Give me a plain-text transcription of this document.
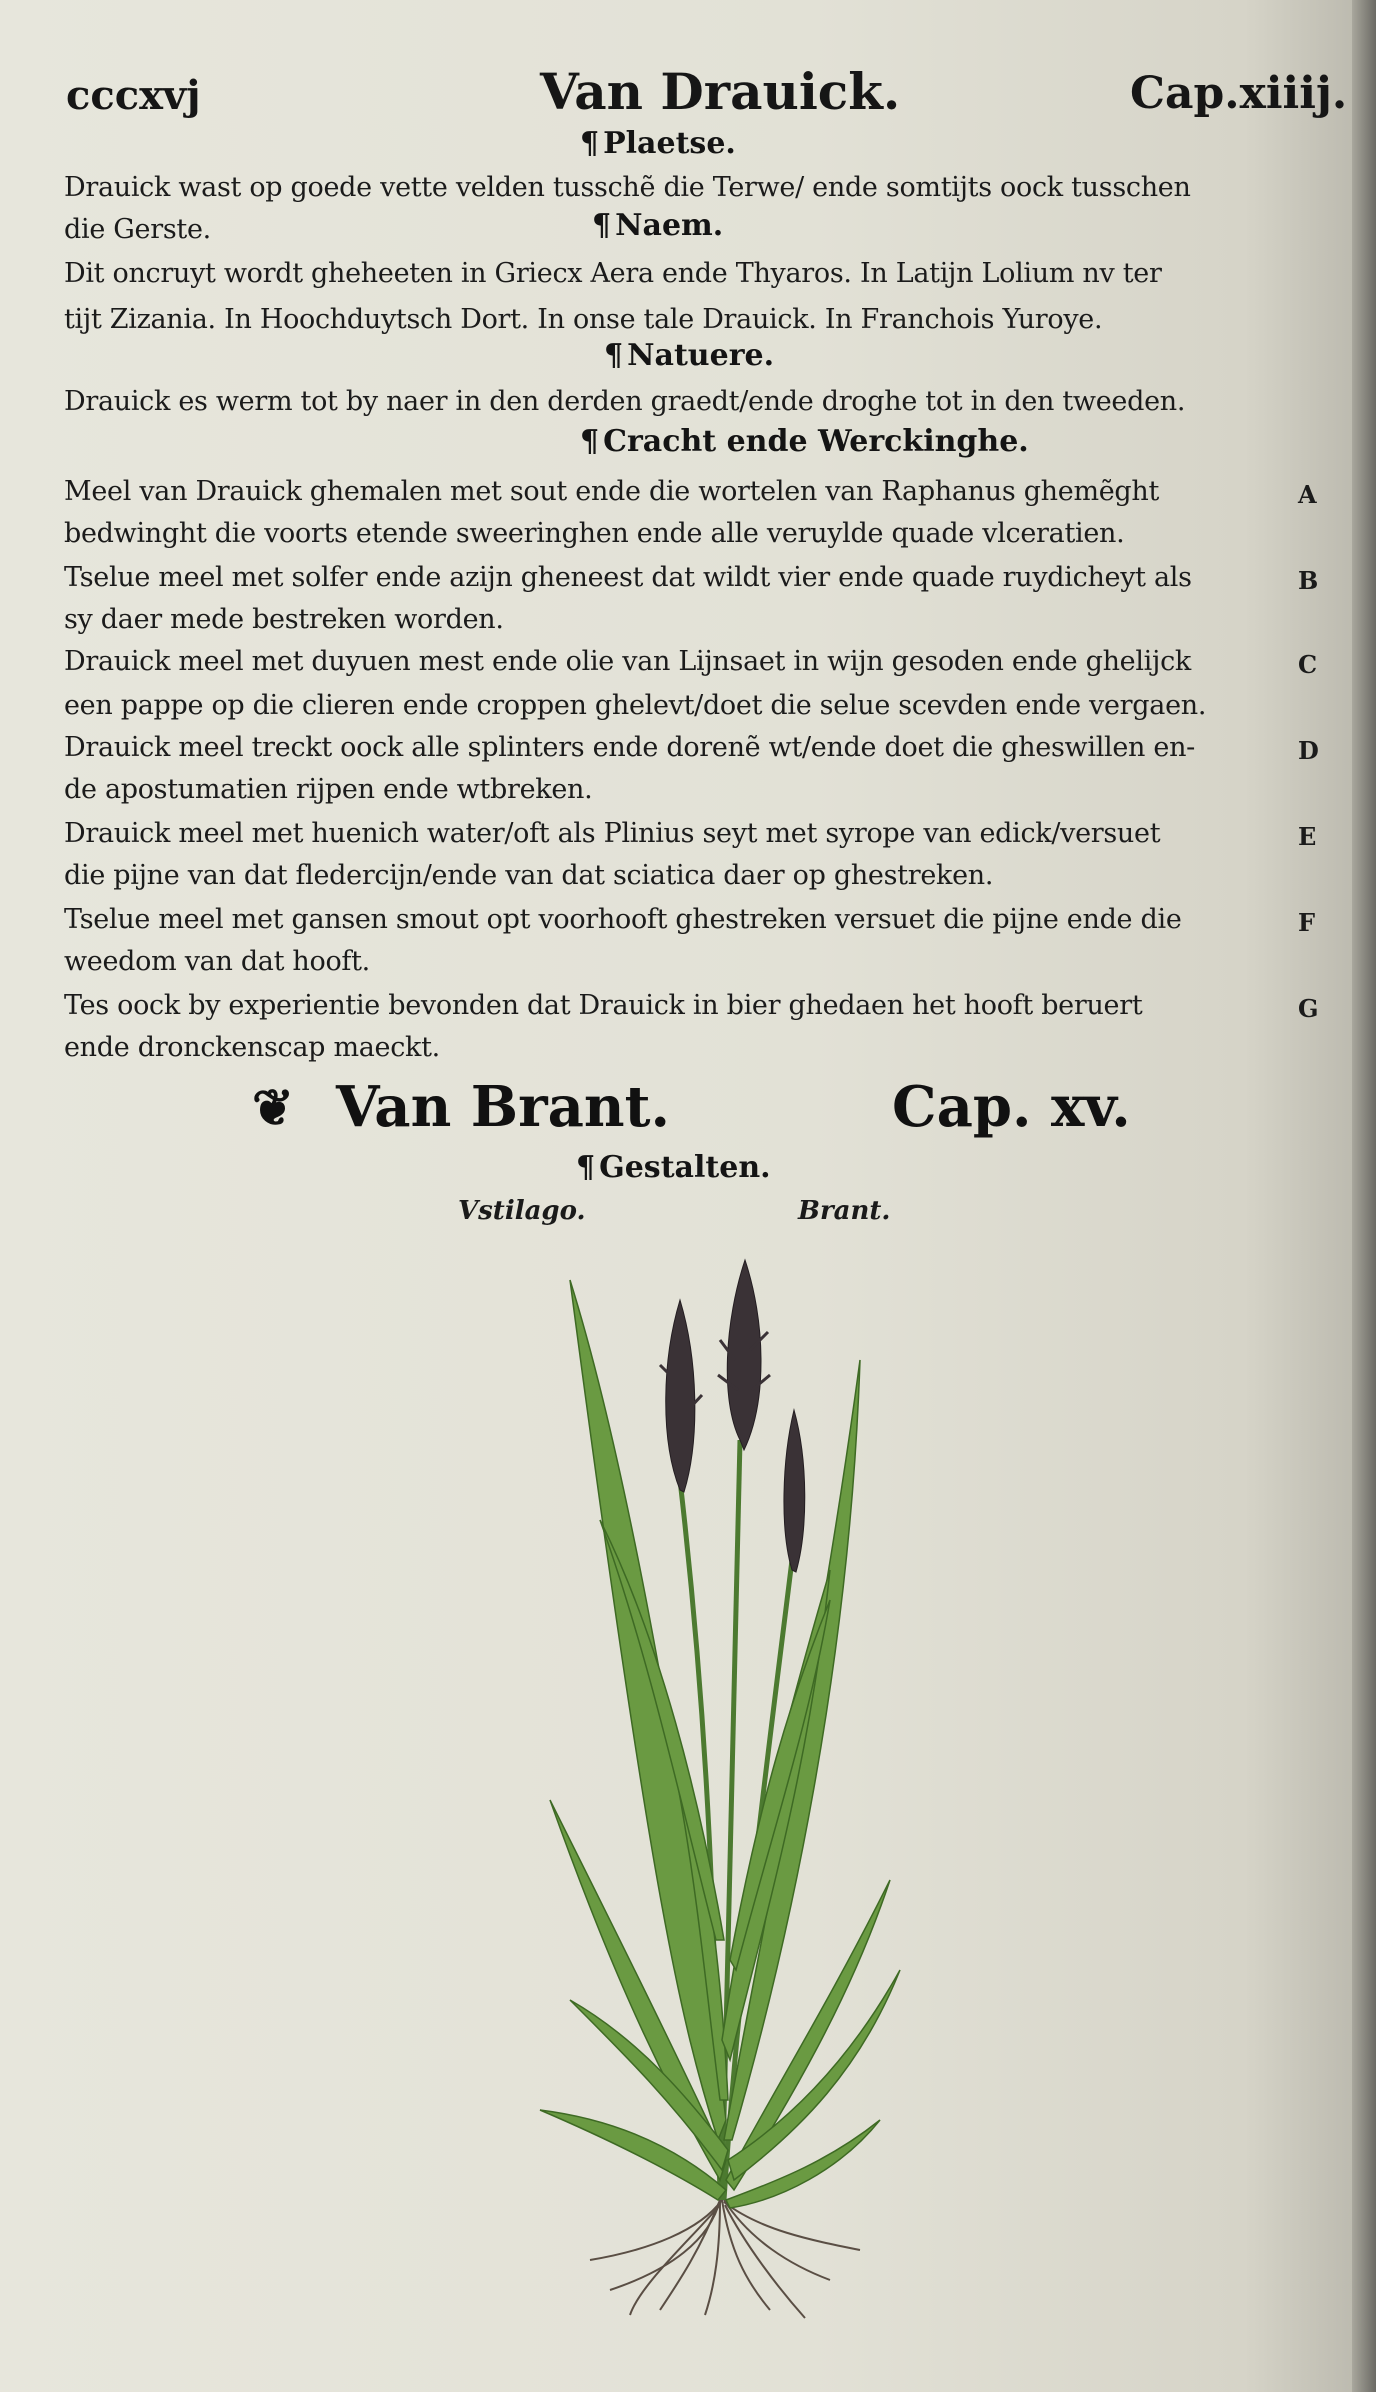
cccxvj	Van Drauick.	Cap.xiiij.
¶ Plaetse.
Drauick wast op goede vette velden tusschẽ die Terwe/ ende somtijts oock tusschen
die Gerste.	¶ Naem.
Dit oncruyt wordt gheheeten in Griecx Aera ende Thyaros. In Latijn Lolium nv ter
tijt Zizania. In Hoochduytsch Dort. In onse tale Drauick. In Franchois Yuroye.
¶ Natuere.
Drauick es werm tot by naer in den derden graedt/ende droghe tot in den tweeden.
¶ Cracht ende Werckinghe.
Meel van Drauick ghemalen met sout ende die wortelen van Raphanus ghemẽght
bedwinght die voorts etende sweeringhen ende alle veruylde quade vlceratien.
Tselue meel met solfer ende azijn gheneest dat wildt vier ende quade ruydicheyt als
sy daer mede bestreken worden.
Drauick meel met duyuen mest ende olie van Lijnsaet in wijn gesoden ende ghelijck
een pappe op die clieren ende croppen ghelevt/doet die selue scevden ende vergaen.
Drauick meel treckt oock alle splinters ende dorenẽ wt/ende doet die gheswillen en-
de apostumatien rijpen ende wtbreken.
Drauick meel met huenich water/oft als Plinius seyt met syrope van edick/versuet
die pijne van dat fledercijn/ende van dat sciatica daer op ghestreken.
Tselue meel met gansen smout opt voorhooft ghestreken versuet die pijne ende die
weedom van dat hooft.
Tes oock by experientie bevonden dat Drauick in bier ghedaen het hooft beruert
ende dronckenscap maeckt.
A
B
C
D
E
F
G
❦ Van Brant.	Cap. xv.
¶ Gestalten.
Vstilago.	Brant.
